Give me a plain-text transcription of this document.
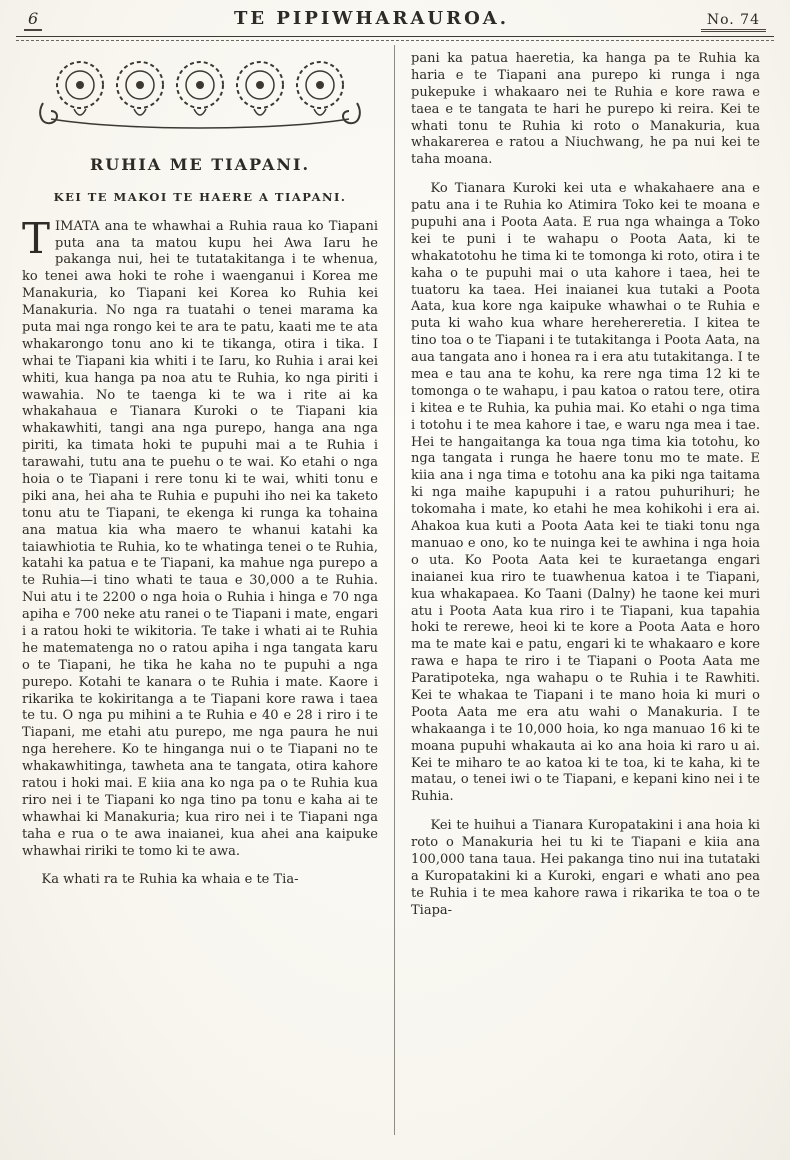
6	TE PIPIWHARAUROA.	No. 74
RUHIA ME TIAPANI.
KEI TE MAKOI TE HAERE A TIAPANI.

TIMATA ana te whawhai a Ruhia raua ko Tiapani puta ana ta matou kupu hei Awa Iaru he pakanga nui, hei te tutatakitanga i te whenua, ko tenei awa hoki te rohe i waenganui i Korea me Manakuria, ko Tiapani kei Korea ko Ruhia kei Manakuria. No nga ra tuatahi o tenei marama ka puta mai nga rongo kei te ara te patu, kaati me te ata whakarongo tonu ano ki te tikanga, otira i tika. I whai te Tiapani kia whiti i te Iaru, ko Ruhia i arai kei whiti, kua hanga pa noa atu te Ruhia, ko nga piriti i wawahia. No te taenga ki te wa i rite ai ka whakahaua e Tianara Kuroki o te Tiapani kia whakawhiti, tangi ana nga purepo, hanga ana nga piriti, ka timata hoki te pupuhi mai a te Ruhia i tarawahi, tutu ana te puehu o te wai. Ko etahi o nga hoia o te Tiapani i rere tonu ki te wai, whiti tonu e piki ana, hei aha te Ruhia e pupuhi iho nei ka taketo tonu atu te Tiapani, te ekenga ki runga ka tohaina ana matua kia wha maero te whanui katahi ka taiawhiotia te Ruhia, ko te whatinga tenei o te Ruhia, katahi ka patua e te Tiapani, ka mahue nga purepo a te Ruhia—i tino whati te taua e 30,000 a te Ruhia. Nui atu i te 2200 o nga hoia o Ruhia i hinga e 70 nga apiha e 700 neke atu ranei o te Tiapani i mate, engari i a ratou hoki te wikitoria. Te take i whati ai te Ruhia he matematenga no o ratou apiha i nga tangata karu o te Tiapani, he tika he kaha no te pupuhi a nga purepo. Kotahi te kanara o te Ruhia i mate. Kaore i rikarika te kokiritanga a te Tiapani kore rawa i taea te tu. O nga pu mihini a te Ruhia e 40 e 28 i riro i te Tiapani, me etahi atu purepo, me nga paura he nui nga herehere. Ko te hinganga nui o te Tiapani no te whakawhitinga, tawheta ana te tangata, otira kahore ratou i hoki mai. E kiia ana ko nga pa o te Ruhia kua riro nei i te Tiapani ko nga tino pa tonu e kaha ai te whawhai ki Manakuria; kua riro nei i te Tiapani nga taha e rua o te awa inaianei, kua ahei ana kaipuke whawhai ririki te tomo ki te awa.

Ka whati ra te Ruhia ka whaia e te Tia-

pani ka patua haeretia, ka hanga pa te Ruhia ka haria e te Tiapani ana purepo ki runga i nga pukepuke i whakaaro nei te Ruhia e kore rawa e taea e te tangata te hari he purepo ki reira. Kei te whati tonu te Ruhia ki roto o Manakuria, kua whakarerea e ratou a Niuchwang, he pa nui kei te taha moana.

Ko Tianara Kuroki kei uta e whakahaere ana e patu ana i te Ruhia ko Atimira Toko kei te moana e pupuhi ana i Poota Aata. E rua nga whainga a Toko kei te puni i te wahapu o Poota Aata, ki te whakatotohu he tima ki te tomonga ki roto, otira i te kaha o te pupuhi mai o uta kahore i taea, hei te tuatoru ka taea. Hei inaianei kua tutaki a Poota Aata, kua kore nga kaipuke whawhai o te Ruhia e puta ki waho kua whare herehereretia. I kitea te tino toa o te Tiapani i te tutakitanga i Poota Aata, na aua tangata ano i honea ra i era atu tutakitanga. I te mea e tau ana te kohu, ka rere nga tima 12 ki te tomonga o te wahapu, i pau katoa o ratou tere, otira i kitea e te Ruhia, ka puhia mai. Ko etahi o nga tima i totohu i te mea kahore i tae, e waru nga mea i tae. Hei te hangaitanga ka toua nga tima kia totohu, ko nga tangata i runga he haere tonu mo te mate. E kiia ana i nga tima e totohu ana ka piki nga taitama ki nga maihe kapupuhi i a ratou puhurihuri; he tokomaha i mate, ko etahi he mea kohikohi i era ai. Ahakoa kua kuti a Poota Aata kei te tiaki tonu nga manuao e ono, ko te nuinga kei te awhina i nga hoia o uta. Ko Poota Aata kei te kuraetanga engari inaianei kua riro te tuawhenua katoa i te Tiapani, kua whakapaea. Ko Taani (Dalny) he taone kei muri atu i Poota Aata kua riro i te Tiapani, kua tapahia hoki te rerewe, heoi ki te kore a Poota Aata e horo ma te mate kai e patu, engari ki te whakaaro e kore rawa e hapa te riro i te Tiapani o Poota Aata me Paratipoteka, nga wahapu o te Ruhia i te Rawhiti. Kei te whakaa te Tiapani i te mano hoia ki muri o Poota Aata me era atu wahi o Manakuria. I te whakaanga i te 10,000 hoia, ko nga manuao 16 ki te moana pupuhi whakauta ai ko ana hoia ki raro u ai. Kei te miharo te ao katoa ki te toa, ki te kaha, ki te matau, o tenei iwi o te Tiapani, e kepani kino nei i te Ruhia.

Kei te huihui a Tianara Kuropatakini i ana hoia ki roto o Manakuria hei tu ki te Tiapani e kiia ana 100,000 tana taua. Hei pakanga tino nui ina tutataki a Kuropatakini ki a Kuroki, engari e whati ano pea te Ruhia i te mea kahore rawa i rikarika te toa o te Tiapa-
